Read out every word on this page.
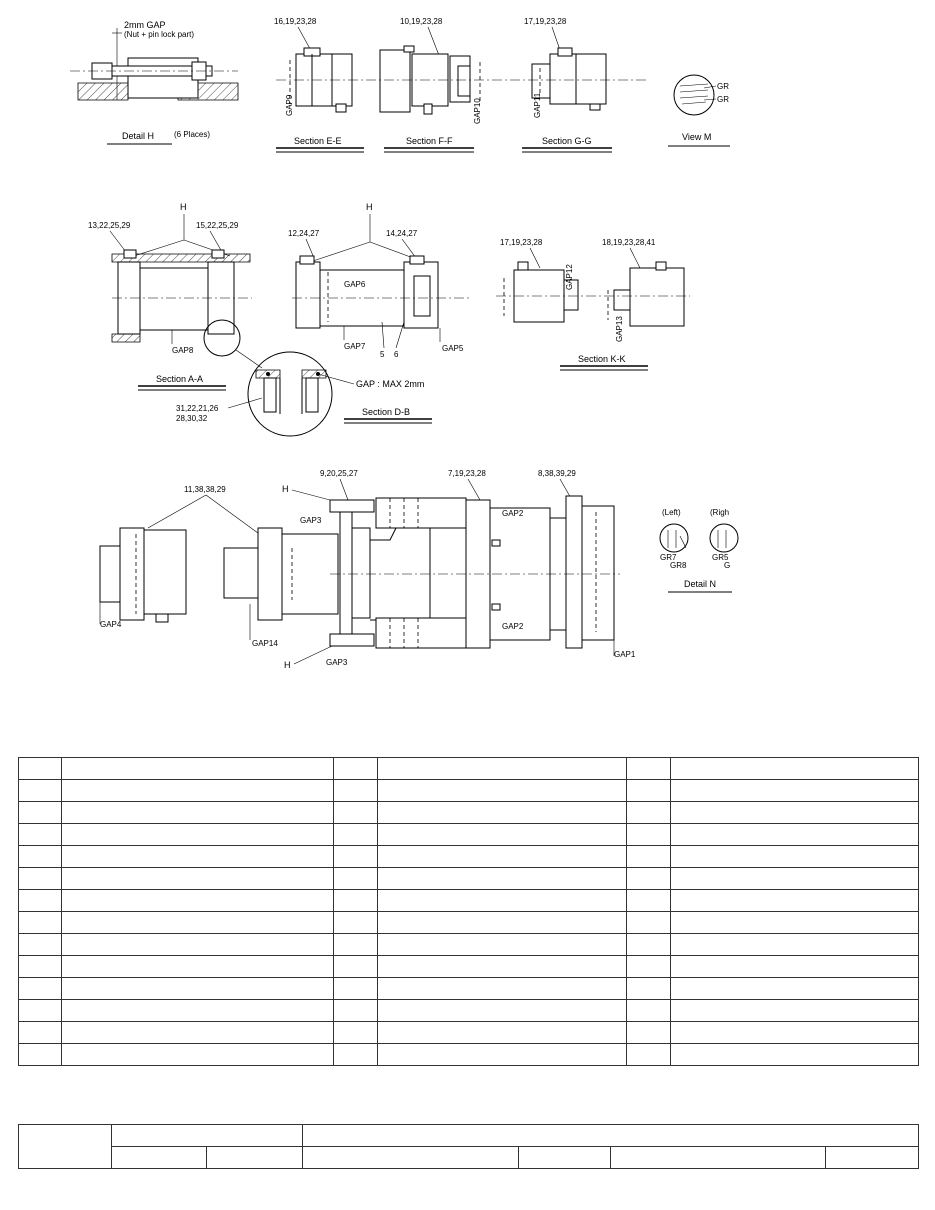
2mm GAP
(Nut + pin lock part)
Detail H (6 Places)
16,19,23,28
GAP9
Section E-E
10,19,23,28
GAP10
Section F-F
17,19,23,28
GAP11
Section G-G
GR
GR
View M
H
13,22,25,29	15,22,25,29
GAP8
Section A-A
31,22,21,26
28,30,32
GAP : MAX 2mm
H
12,24,27	14,24,27
GAP6
GAP7
5 6
GAP5
Section D-B
17,19,23,28
GAP12
18,19,23,28,41
GAP13
Section K-K
11,38,38,29
GAP4
GAP14
H
9,20,25,27
GAP3
H	GAP3
7,19,23,28
GAP2
GAP2
8,38,39,29
GAP1
(Left)	(Righ
GR7
GR8
GR5
G
Detail N
